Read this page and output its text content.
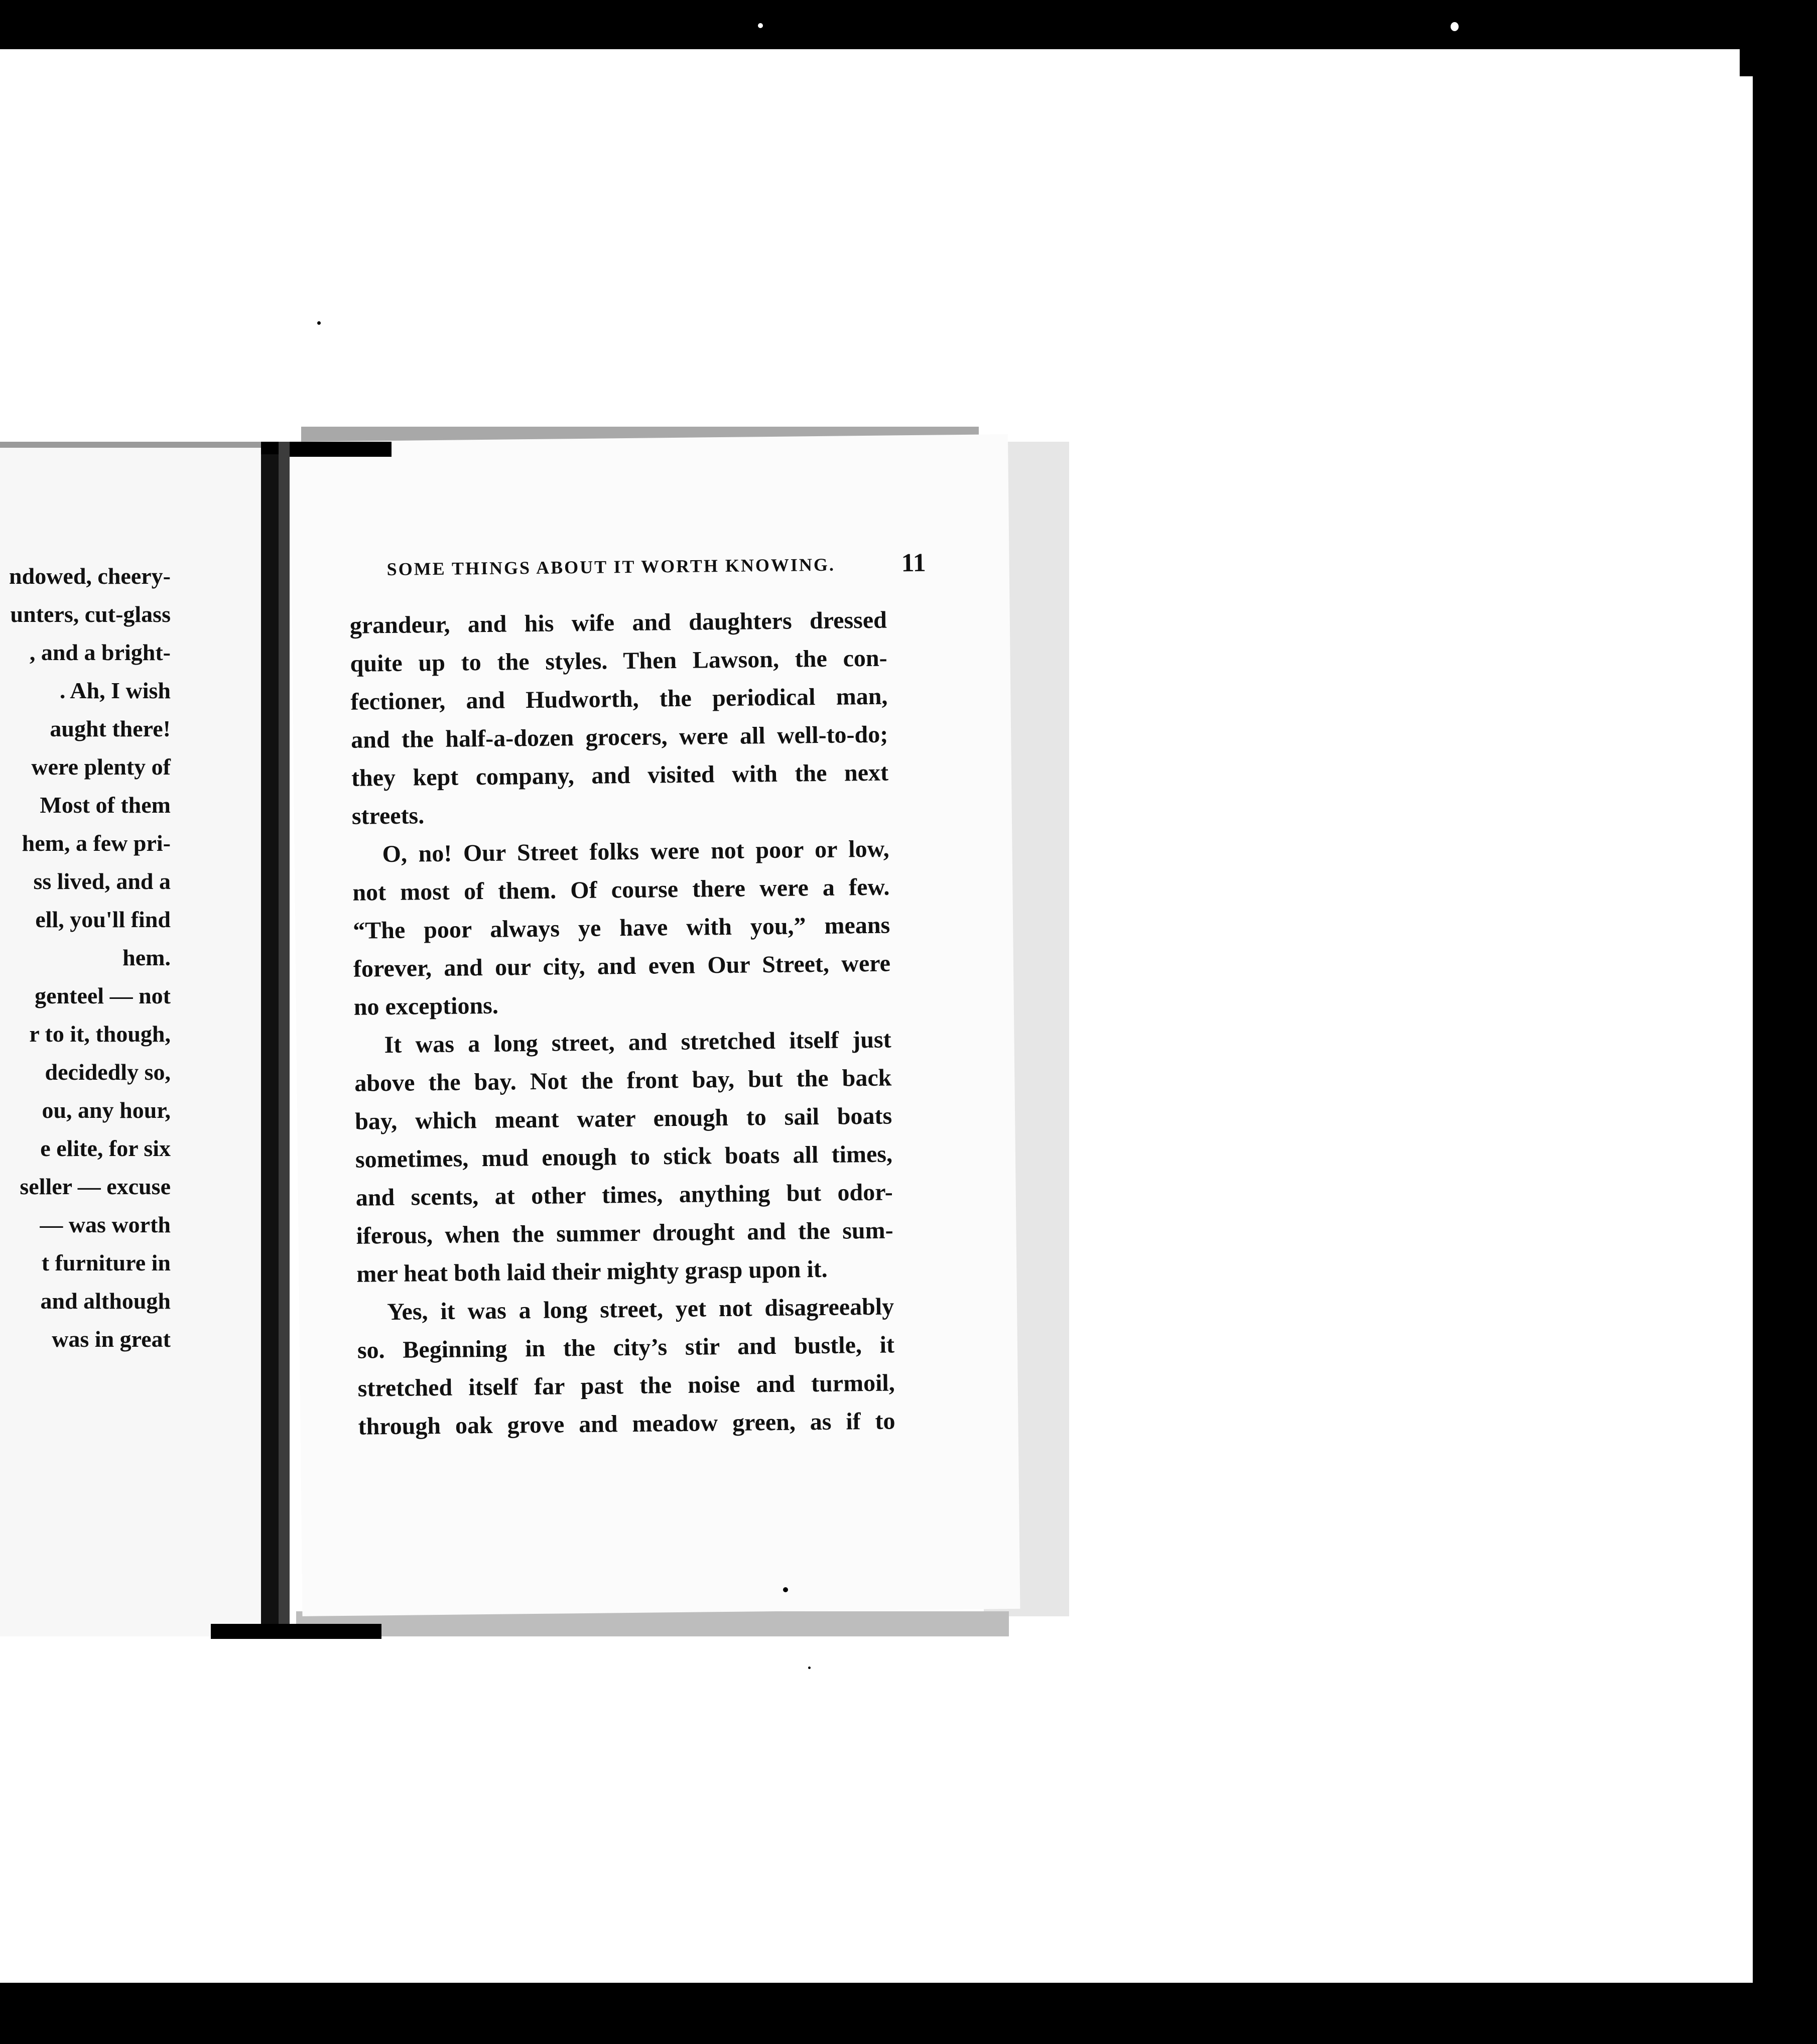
ndowed, cheery-
unters, cut-glass
, and a bright-
. Ah, I wish
aught there!
were plenty of
Most of them
hem, a few pri-
ss lived, and a
ell, you'll find
hem.
genteel — not
r to it, though,
decidedly so,
ou, any hour,
e elite, for six
seller — excuse
— was worth
t furniture in
and although
was in great
SOME THINGS ABOUT IT WORTH KNOWING.	11
grandeur, and his wife and daughters dressed
quite up to the styles. Then Lawson, the con-
fectioner, and Hudworth, the periodical man,
and the half-a-dozen grocers, were all well-to-do;
they kept company, and visited with the next
streets.
O, no! Our Street folks were not poor or low,
not most of them. Of course there were a few.
“The poor always ye have with you,” means
forever, and our city, and even Our Street, were
no exceptions.
It was a long street, and stretched itself just
above the bay. Not the front bay, but the back
bay, which meant water enough to sail boats
sometimes, mud enough to stick boats all times,
and scents, at other times, anything but odor-
iferous, when the summer drought and the sum-
mer heat both laid their mighty grasp upon it.
Yes, it was a long street, yet not disagreeably
so. Beginning in the city’s stir and bustle, it
stretched itself far past the noise and turmoil,
through oak grove and meadow green, as if to
